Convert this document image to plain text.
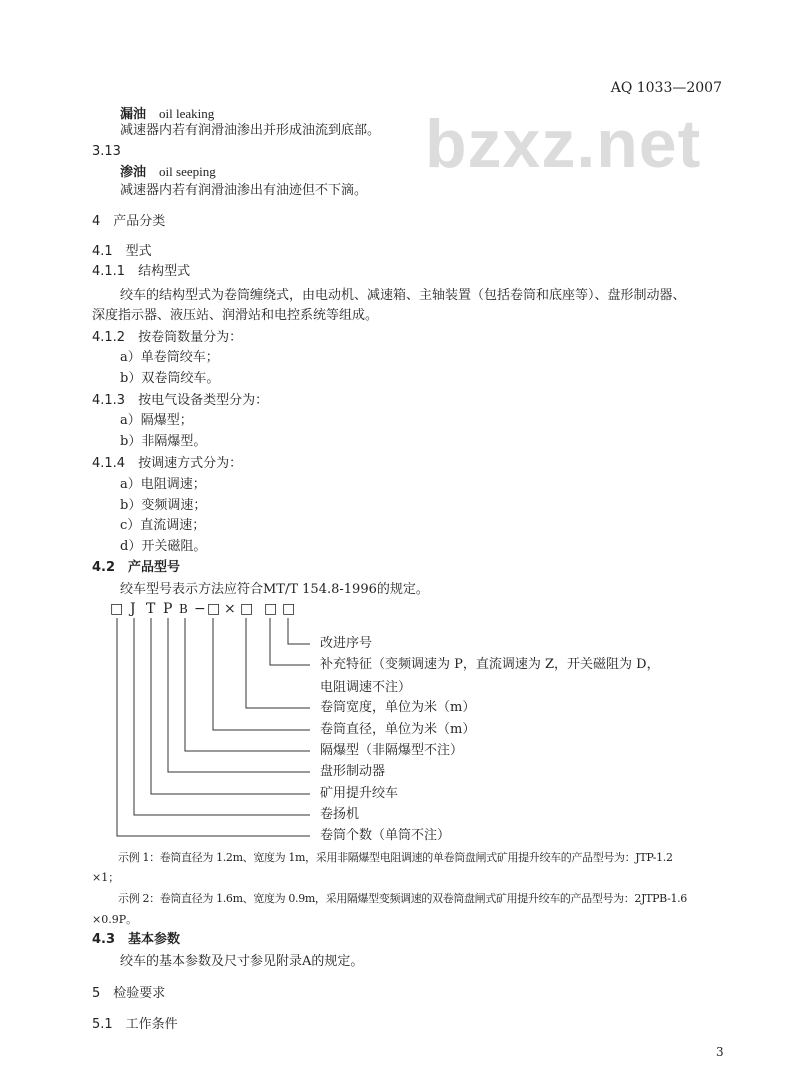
bzxz.net
AQ 1033—2007
漏油　 oil leaking
减速器内若有润滑油渗出并形成油流到底部。
3.13
渗油　 oil seeping
减速器内若有润滑油渗出有油迹但不下滴。
4　产品分类
4.1　型式
4.1.1　 结构型式
绞车的结构型式为卷筒缠绕式，由电动机、减速箱、主轴装置（包括卷筒和底座等）、盘形制动器、
深度指示器、液压站、润滑站和电控系统等组成。
4.1.2　 按卷筒数量分为：
a）单卷筒绞车；
b）双卷筒绞车。
4.1.3　 按电气设备类型分为：
a）隔爆型；
b）非隔爆型。
4.1.4　 按调速方式分为：
a）电阻调速；
b）变频调速；
c）直流调速；
d）开关磁阻。
4.2　产品型号
绞车型号表示方法应符合MT/T 154.8-1996的规定。
□ J T P B − □ × □ □ □
改进序号
补充特征（变频调速为 P，直流调速为 Z，开关磁阻为 D，
电阻调速不注）
卷筒宽度，单位为米（m）
卷筒直径，单位为米（m）
隔爆型（非隔爆型不注）
盘形制动器
矿用提升绞车
卷扬机
卷筒个数（单筒不注）
示例 1：卷筒直径为 1.2m、宽度为 1m，采用非隔爆型电阻调速的单卷筒盘闸式矿用提升绞车的产品型号为：JTP-1.2
×1；
示例 2：卷筒直径为 1.6m、宽度为 0.9m，采用隔爆型变频调速的双卷筒盘闸式矿用提升绞车的产品型号为：2JTPB-1.6
×0.9P。
4.3　基本参数
绞车的基本参数及尺寸参见附录A的规定。
5　检验要求
5.1　工作条件
3
